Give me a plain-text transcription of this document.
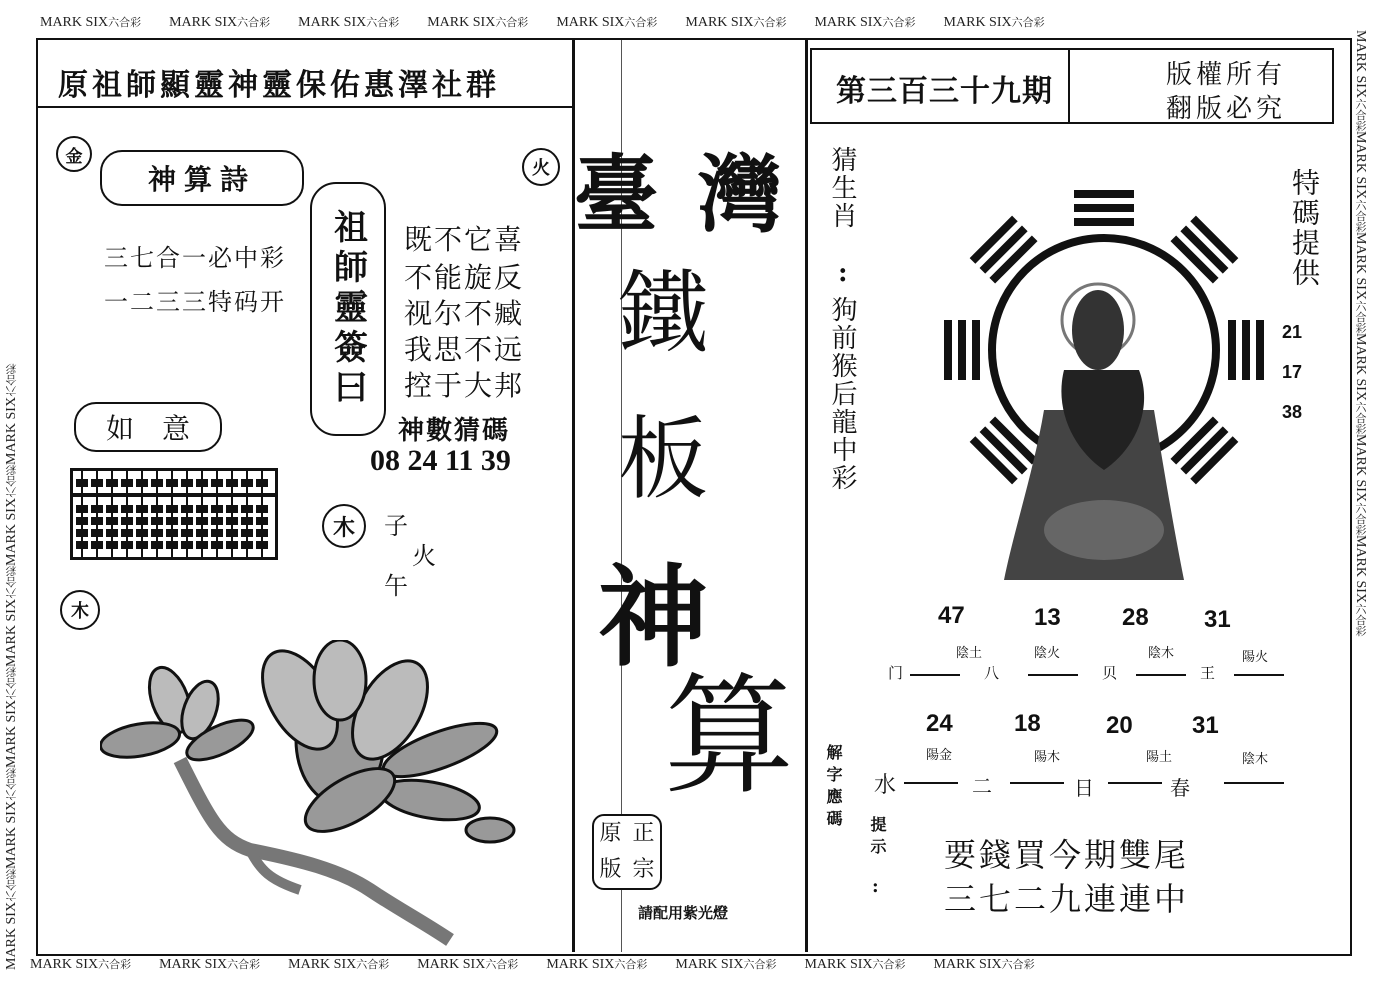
MARK SIX六合彩 MARK SIX六合彩 MARK SIX六合彩 MARK SIX六合彩 MARK SIX六合彩 MARK SIX六合彩 MARK SIX六合彩 MARK SIX六合彩
MARK SIX六合彩 MARK SIX六合彩 MARK SIX六合彩 MARK SIX六合彩 MARK SIX六合彩 MARK SIX六合彩 MARK SIX六合彩 MARK SIX六合彩
MARK SIX六合彩MARK SIX六合彩MARK SIX六合彩MARK SIX六合彩MARK SIX六合彩MARK SIX六合彩
MARK SIX六合彩MARK SIX六合彩MARK SIX六合彩MARK SIX六合彩MARK SIX六合彩MARK SIX六合彩
原祖師顯靈神靈保佑惠澤社群
金
火
神算詩
三七合一必中彩
一二三三特码开 祖師靈簽曰 既不它喜
不能旋反
视尔不臧
我思不远
控于大邦
神數猜碼
08 24 11 39
如　意
木	子
火
午
木
臺 灣
鐵
板
神
算
原 正
版 宗
請配用紫光燈
第三百三十九期	版權所有
翻版必究
猜生肖
:
狗前猴后龍中彩
特碼提供
21
17
38
47	13	28 31
陰土	陰火	陰木	陽火
门	八	贝	王
24	18	20 31
陽金	陽木	陽土	陰木
水	二	日	春
解字應碼
提示
:
要錢買今期雙尾
三七二九連連中
